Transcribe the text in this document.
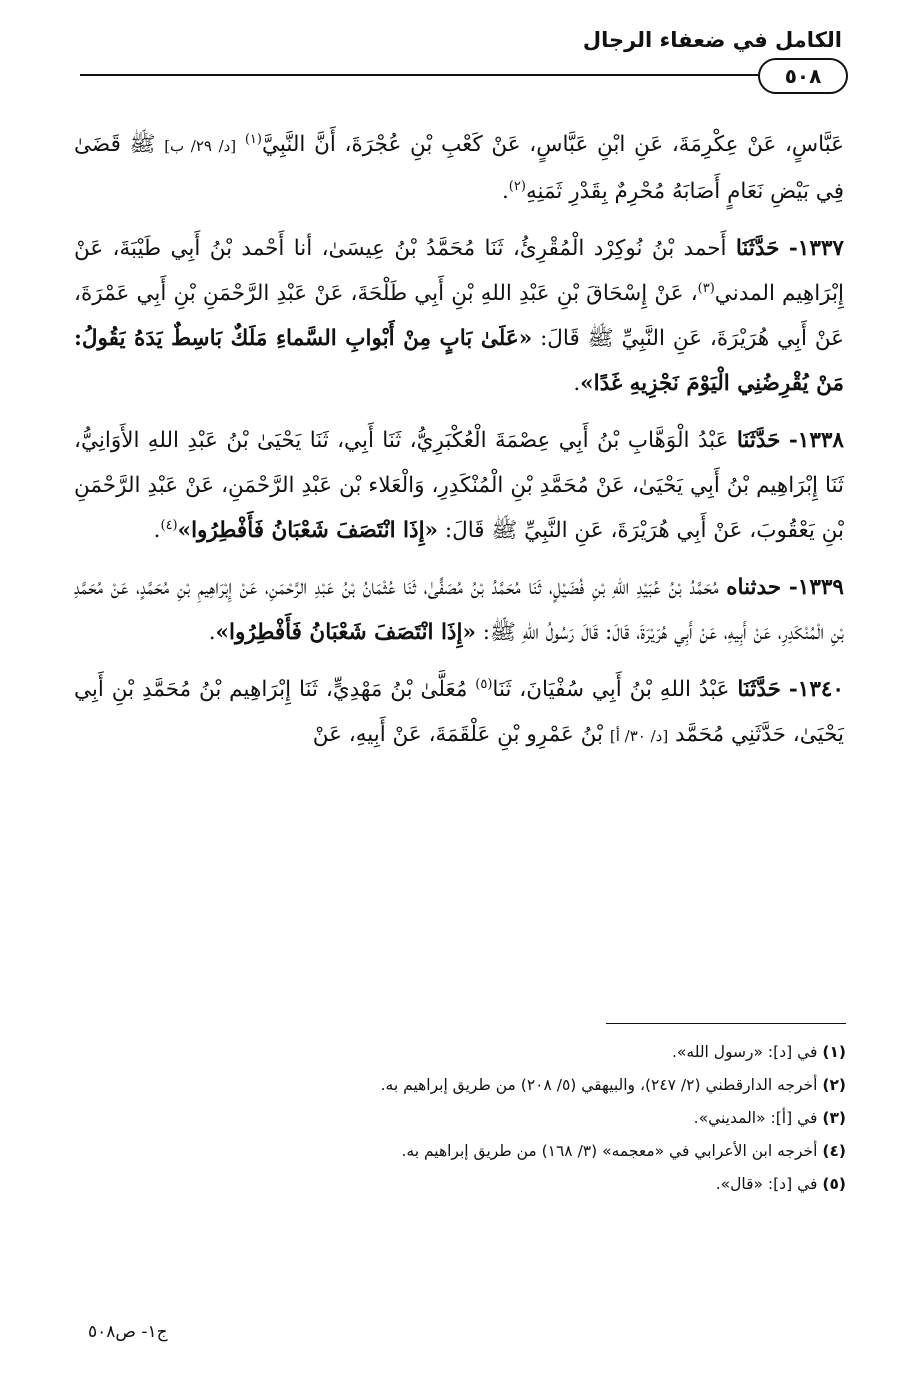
الكامل في ضعفاء الرجال
٥٠٨

عَبَّاسٍ، عَنْ عِكْرِمَةَ، عَنِ ابْنِ عَبَّاسٍ، عَنْ كَعْبِ بْنِ عُجْرَةَ، أَنَّ النَّبِيَّ$^{(١)}$ [د/ ٢٩/ ب] ﷺ قَضَىٰ فِي بَيْضِ نَعَامٍ أَصَابَهُ مُحْرِمٌ بِقَدْرِ ثَمَنِهِ$^{(٢)}$.

١٣٣٧- حَدَّثَنَا أَحمد بْنُ نُوكِرْد الْمُقْرِئُ، ثَنَا مُحَمَّدُ بْنُ عِيسَىٰ، أنا أَحْمد بْنُ أَبِي طَيْبَةَ، عَنْ إِبْرَاهِيم المدني$^{(٣)}$، عَنْ إِسْحَاقَ بْنِ عَبْدِ اللهِ بْنِ أَبِي طَلْحَةَ، عَنْ عَبْدِ الرَّحْمَنِ بْنِ أَبِي عَمْرَةَ، عَنْ أَبِي هُرَيْرَةَ، عَنِ النَّبِيِّ ﷺ قَالَ: «عَلَىٰ بَابٍ مِنْ أَبْوابِ السَّماءِ مَلَكٌ بَاسِطٌ يَدَهُ يَقُولُ: مَنْ يُقْرِضُنِي الْيَوْمَ نَجْزِيهِ غَدًا».

١٣٣٨- حَدَّثَنَا عَبْدُ الْوَهَّابِ بْنُ أَبِي عِصْمَةَ الْعُكْبَرِيُّ، ثَنَا أَبِي، ثَنَا يَحْيَىٰ بْنُ عَبْدِ اللهِ الأَوَانِيُّ، ثَنَا إِبْرَاهِيم بْنُ أَبِي يَحْيَىٰ، عَنْ مُحَمَّدِ بْنِ الْمُنْكَدِرِ، وَالْعَلاء بْن عَبْدِ الرَّحْمَنِ، عَنْ عَبْدِ الرَّحْمَنِ بْنِ يَعْقُوبَ، عَنْ أَبِي هُرَيْرَةَ، عَنِ النَّبِيِّ ﷺ قَالَ: «إِذَا انْتَصَفَ شَعْبَانُ فَأَفْطِرُوا»$^{(٤)}$.

١٣٣٩- حدثناه مُحَمَّدُ بْنُ عُبَيْدِ اللهِ بْنِ فُضَيْلٍ، ثَنَا مُحَمَّدُ بْنُ مُصَفًّىٰ، ثَنَا عُثْمَانُ بْنُ عَبْدِ الرَّحْمَنِ، عَنْ إِبْرَاهِيمِ بْنِ مُحَمَّدٍ، عَنْ مُحَمَّدِ بْنِ الْمُنْكَدِرِ، عَنْ أَبِيهِ، عَنْ أَبِي هُرَيْرَةَ، قَالَ: قَالَ رَسُولُ اللهِ ﷺ: «إِذَا انْتَصَفَ شَعْبَانُ فَأَفْطِرُوا».

١٣٤٠- حَدَّثَنَا عَبْدُ اللهِ بْنُ أَبِي سُفْيَانَ، ثَنَا$^{(٥)}$ مُعَلَّىٰ بْنُ مَهْدِيٍّ، ثَنَا إِبْرَاهِيم بْنُ مُحَمَّدِ بْنِ أَبِي يَحْيَىٰ، حَدَّثَنِي مُحَمَّد [د/ ٣٠/ أ] بْنُ عَمْرِو بْنِ عَلْقَمَةَ، عَنْ أَبِيهِ، عَنْ

(١) في [د]: «رسول الله».
(٢) أخرجه الدارقطني (٢/ ٢٤٧)، والبيهقي (٥/ ٢٠٨) من طريق إبراهيم به.
(٣) في [أ]: «المديني».
(٤) أخرجه ابن الأعرابي في «معجمه» (٣/ ١٦٨) من طريق إبراهيم به.
(٥) في [د]: «قال».
ج١- ص٥٠٨
